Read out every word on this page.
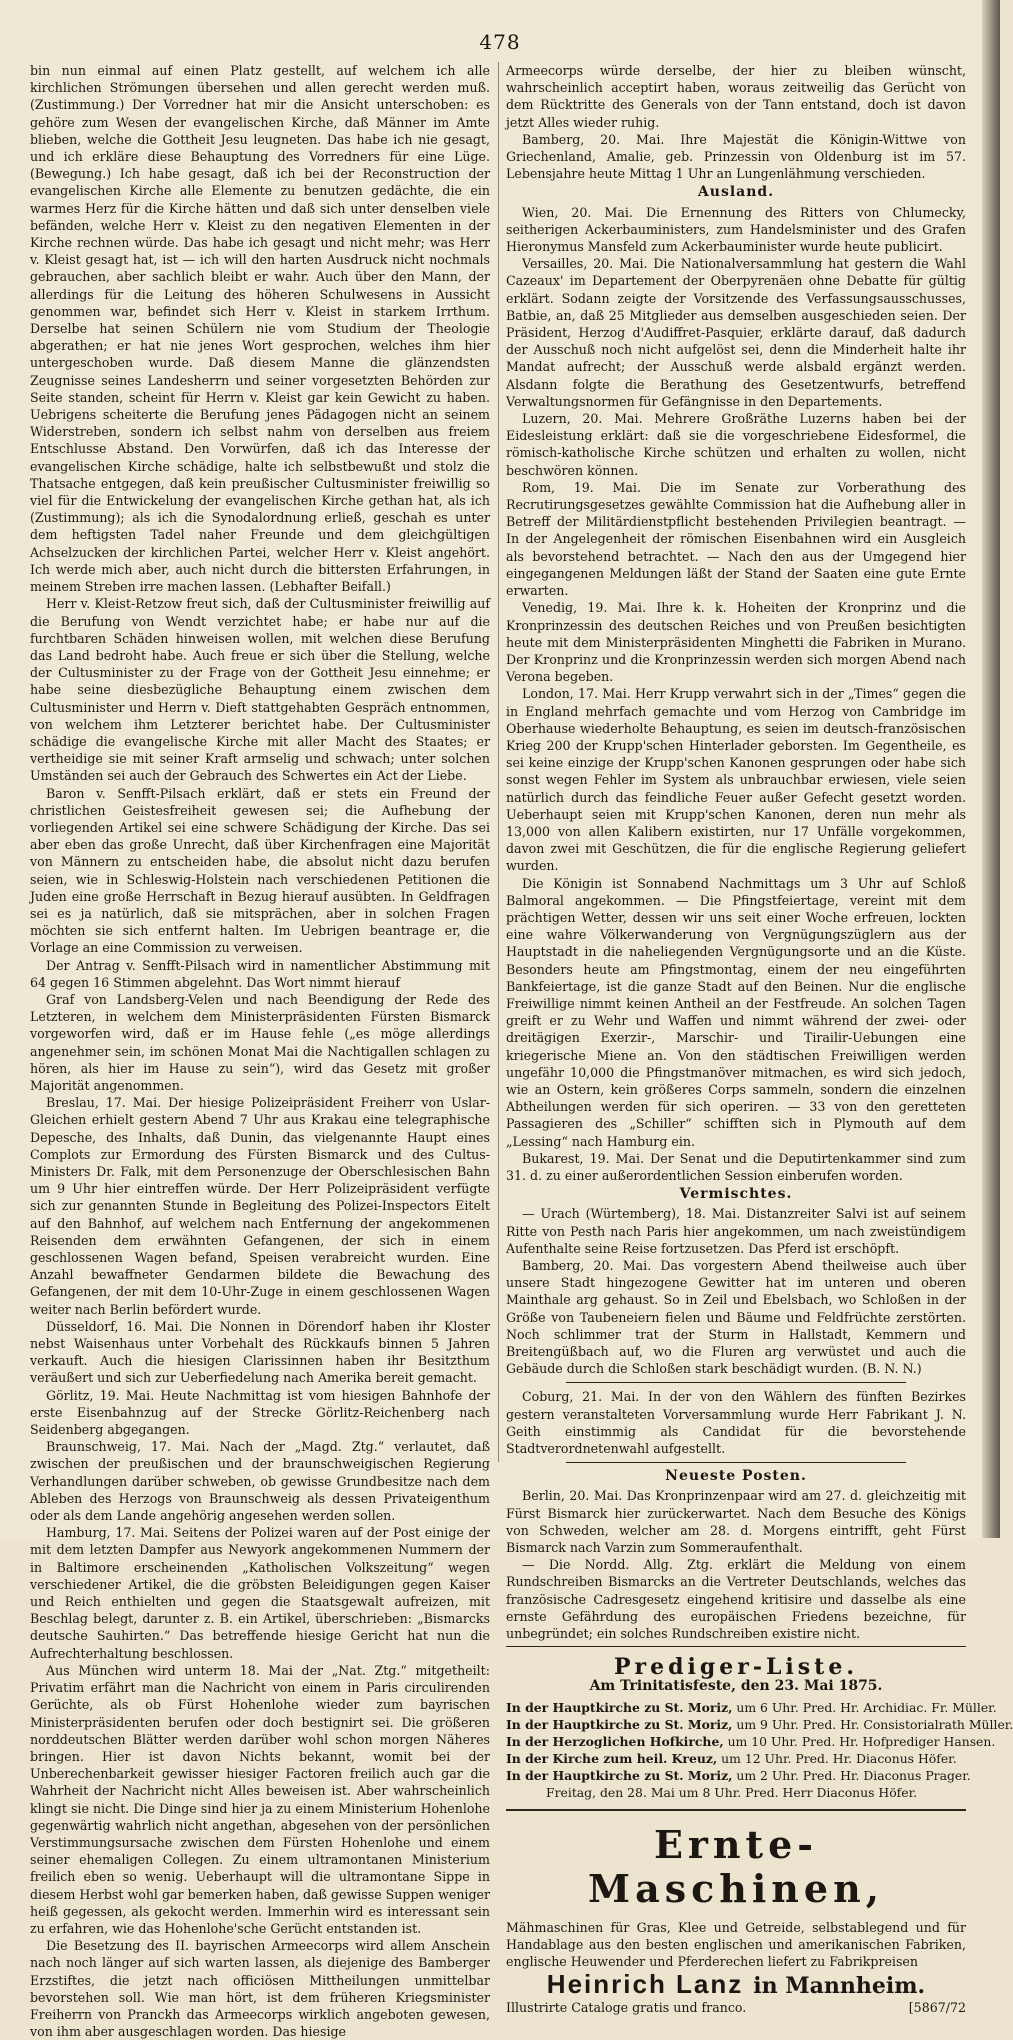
478

bin nun einmal auf einen Platz gestellt, auf welchem ich alle kirchlichen Strömungen übersehen und allen gerecht werden muß. (Zustimmung.) Der Vorredner hat mir die Ansicht unterschoben: es gehöre zum Wesen der evangelischen Kirche, daß Männer im Amte blieben, welche die Gottheit Jesu leugneten. Das habe ich nie gesagt, und ich erkläre diese Behauptung des Vorredners für eine Lüge. (Bewegung.) Ich habe gesagt, daß ich bei der Reconstruction der evangelischen Kirche alle Elemente zu benutzen gedächte, die ein warmes Herz für die Kirche hätten und daß sich unter denselben viele befänden, welche Herr v. Kleist zu den negativen Elementen in der Kirche rechnen würde. Das habe ich gesagt und nicht mehr; was Herr v. Kleist gesagt hat, ist — ich will den harten Ausdruck nicht nochmals gebrauchen, aber sachlich bleibt er wahr. Auch über den Mann, der allerdings für die Leitung des höheren Schulwesens in Aussicht genommen war, befindet sich Herr v. Kleist in starkem Irrthum. Derselbe hat seinen Schülern nie vom Studium der Theologie abgerathen; er hat nie jenes Wort gesprochen, welches ihm hier untergeschoben wurde. Daß diesem Manne die glänzendsten Zeugnisse seines Landesherrn und seiner vorgesetzten Behörden zur Seite standen, scheint für Herrn v. Kleist gar kein Gewicht zu haben. Uebrigens scheiterte die Berufung jenes Pädagogen nicht an seinem Widerstreben, sondern ich selbst nahm von derselben aus freiem Entschlusse Abstand. Den Vorwürfen, daß ich das Interesse der evangelischen Kirche schädige, halte ich selbstbewußt und stolz die Thatsache entgegen, daß kein preußischer Cultusminister freiwillig so viel für die Entwickelung der evangelischen Kirche gethan hat, als ich (Zustimmung); als ich die Synodalordnung erließ, geschah es unter dem heftigsten Tadel naher Freunde und dem gleichgültigen Achselzucken der kirchlichen Partei, welcher Herr v. Kleist angehört. Ich werde mich aber, auch nicht durch die bittersten Erfahrungen, in meinem Streben irre machen lassen. (Lebhafter Beifall.)

Herr v. Kleist-Retzow freut sich, daß der Cultusminister freiwillig auf die Berufung von Wendt verzichtet habe; er habe nur auf die furchtbaren Schäden hinweisen wollen, mit welchen diese Berufung das Land bedroht habe. Auch freue er sich über die Stellung, welche der Cultusminister zu der Frage von der Gottheit Jesu einnehme; er habe seine diesbezügliche Behauptung einem zwischen dem Cultusminister und Herrn v. Dieft stattgehabten Gespräch entnommen, von welchem ihm Letzterer berichtet habe. Der Cultusminister schädige die evangelische Kirche mit aller Macht des Staates; er vertheidige sie mit seiner Kraft armselig und schwach; unter solchen Umständen sei auch der Gebrauch des Schwertes ein Act der Liebe.

Baron v. Senfft-Pilsach erklärt, daß er stets ein Freund der christlichen Geistesfreiheit gewesen sei; die Aufhebung der vorliegenden Artikel sei eine schwere Schädigung der Kirche. Das sei aber eben das große Unrecht, daß über Kirchenfragen eine Majorität von Männern zu entscheiden habe, die absolut nicht dazu berufen seien, wie in Schleswig-Holstein nach verschiedenen Petitionen die Juden eine große Herrschaft in Bezug hierauf ausübten. In Geldfragen sei es ja natürlich, daß sie mitsprächen, aber in solchen Fragen möchten sie sich entfernt halten. Im Uebrigen beantrage er, die Vorlage an eine Commission zu verweisen.

Der Antrag v. Senfft-Pilsach wird in namentlicher Abstimmung mit 64 gegen 16 Stimmen abgelehnt. Das Wort nimmt hierauf

Graf von Landsberg-Velen und nach Beendigung der Rede des Letzteren, in welchem dem Ministerpräsidenten Fürsten Bismarck vorgeworfen wird, daß er im Hause fehle („es möge allerdings angenehmer sein, im schönen Monat Mai die Nachtigallen schlagen zu hören, als hier im Hause zu sein“), wird das Gesetz mit großer Majorität angenommen.

Breslau, 17. Mai. Der hiesige Polizeipräsident Freiherr von Uslar-Gleichen erhielt gestern Abend 7 Uhr aus Krakau eine telegraphische Depesche, des Inhalts, daß Dunin, das vielgenannte Haupt eines Complots zur Ermordung des Fürsten Bismarck und des Cultus-Ministers Dr. Falk, mit dem Personenzuge der Oberschlesischen Bahn um 9 Uhr hier eintreffen würde. Der Herr Polizeipräsident verfügte sich zur genannten Stunde in Begleitung des Polizei-Inspectors Eitelt auf den Bahnhof, auf welchem nach Entfernung der angekommenen Reisenden dem erwähnten Gefangenen, der sich in einem geschlossenen Wagen befand, Speisen verabreicht wurden. Eine Anzahl bewaffneter Gendarmen bildete die Bewachung des Gefangenen, der mit dem 10-Uhr-Zuge in einem geschlossenen Wagen weiter nach Berlin befördert wurde.

Düsseldorf, 16. Mai. Die Nonnen in Dörendorf haben ihr Kloster nebst Waisenhaus unter Vorbehalt des Rückkaufs binnen 5 Jahren verkauft. Auch die hiesigen Clarissinnen haben ihr Besitzthum veräußert und sich zur Ueberfiedelung nach Amerika bereit gemacht.

Görlitz, 19. Mai. Heute Nachmittag ist vom hiesigen Bahnhofe der erste Eisenbahnzug auf der Strecke Görlitz-Reichenberg nach Seidenberg abgegangen.

Braunschweig, 17. Mai. Nach der „Magd. Ztg.“ verlautet, daß zwischen der preußischen und der braunschweigischen Regierung Verhandlungen darüber schweben, ob gewisse Grundbesitze nach dem Ableben des Herzogs von Braunschweig als dessen Privateigenthum oder als dem Lande angehörig angesehen werden sollen.

Hamburg, 17. Mai. Seitens der Polizei waren auf der Post einige der mit dem letzten Dampfer aus Newyork angekommenen Nummern der in Baltimore erscheinenden „Katholischen Volkszeitung“ wegen verschiedener Artikel, die die gröbsten Beleidigungen gegen Kaiser und Reich enthielten und gegen die Staatsgewalt aufreizen, mit Beschlag belegt, darunter z. B. ein Artikel, überschrieben: „Bismarcks deutsche Sauhirten.“ Das betreffende hiesige Gericht hat nun die Aufrechterhaltung beschlossen.

Aus München wird unterm 18. Mai der „Nat. Ztg.“ mitgetheilt: Privatim erfährt man die Nachricht von einem in Paris circulirenden Gerüchte, als ob Fürst Hohenlohe wieder zum bayrischen Ministerpräsidenten berufen oder doch bestignirt sei. Die größeren norddeutschen Blätter werden darüber wohl schon morgen Näheres bringen. Hier ist davon Nichts bekannt, womit bei der Unberechenbarkeit gewisser hiesiger Factoren freilich auch gar die Wahrheit der Nachricht nicht Alles beweisen ist. Aber wahrscheinlich klingt sie nicht. Die Dinge sind hier ja zu einem Ministerium Hohenlohe gegenwärtig wahrlich nicht angethan, abgesehen von der persönlichen Verstimmungsursache zwischen dem Fürsten Hohenlohe und einem seiner ehemaligen Collegen. Zu einem ultramontanen Ministerium freilich eben so wenig. Ueberhaupt will die ultramontane Sippe in diesem Herbst wohl gar bemerken haben, daß gewisse Suppen weniger heiß gegessen, als gekocht werden. Immerhin wird es interessant sein zu erfahren, wie das Hohenlohe'sche Gerücht entstanden ist.

Die Besetzung des II. bayrischen Armeecorps wird allem Anschein nach noch länger auf sich warten lassen, als diejenige des Bamberger Erzstiftes, die jetzt nach officiösen Mittheilungen unmittelbar bevorstehen soll. Wie man hört, ist dem früheren Kriegsminister Freiherrn von Pranckh das Armeecorps wirklich angeboten gewesen, von ihm aber ausgeschlagen worden. Das hiesige

Armeecorps würde derselbe, der hier zu bleiben wünscht, wahrscheinlich acceptirt haben, woraus zeitweilig das Gerücht von dem Rücktritte des Generals von der Tann entstand, doch ist davon jetzt Alles wieder ruhig.

Bamberg, 20. Mai. Ihre Majestät die Königin-Wittwe von Griechenland, Amalie, geb. Prinzessin von Oldenburg ist im 57. Lebensjahre heute Mittag 1 Uhr an Lungenlähmung verschieden.

Ausland.

Wien, 20. Mai. Die Ernennung des Ritters von Chlumecky, seitherigen Ackerbauministers, zum Handelsminister und des Grafen Hieronymus Mansfeld zum Ackerbauminister wurde heute publicirt.

Versailles, 20. Mai. Die Nationalversammlung hat gestern die Wahl Cazeaux' im Departement der Oberpyrenäen ohne Debatte für gültig erklärt. Sodann zeigte der Vorsitzende des Verfassungsausschusses, Batbie, an, daß 25 Mitglieder aus demselben ausgeschieden seien. Der Präsident, Herzog d'Audiffret-Pasquier, erklärte darauf, daß dadurch der Ausschuß noch nicht aufgelöst sei, denn die Minderheit halte ihr Mandat aufrecht; der Ausschuß werde alsbald ergänzt werden. Alsdann folgte die Berathung des Gesetzentwurfs, betreffend Verwaltungsnormen für Gefängnisse in den Departements.

Luzern, 20. Mai. Mehrere Großräthe Luzerns haben bei der Eidesleistung erklärt: daß sie die vorgeschriebene Eidesformel, die römisch-katholische Kirche schützen und erhalten zu wollen, nicht beschwören können.

Rom, 19. Mai. Die im Senate zur Vorberathung des Recrutirungsgesetzes gewählte Commission hat die Aufhebung aller in Betreff der Militärdienstpflicht bestehenden Privilegien beantragt. — In der Angelegenheit der römischen Eisenbahnen wird ein Ausgleich als bevorstehend betrachtet. — Nach den aus der Umgegend hier eingegangenen Meldungen läßt der Stand der Saaten eine gute Ernte erwarten.

Venedig, 19. Mai. Ihre k. k. Hoheiten der Kronprinz und die Kronprinzessin des deutschen Reiches und von Preußen besichtigten heute mit dem Ministerpräsidenten Minghetti die Fabriken in Murano. Der Kronprinz und die Kronprinzessin werden sich morgen Abend nach Verona begeben.

London, 17. Mai. Herr Krupp verwahrt sich in der „Times“ gegen die in England mehrfach gemachte und vom Herzog von Cambridge im Oberhause wiederholte Behauptung, es seien im deutsch-französischen Krieg 200 der Krupp'schen Hinterlader geborsten. Im Gegentheile, es sei keine einzige der Krupp'schen Kanonen gesprungen oder habe sich sonst wegen Fehler im System als unbrauchbar erwiesen, viele seien natürlich durch das feindliche Feuer außer Gefecht gesetzt worden. Ueberhaupt seien mit Krupp'schen Kanonen, deren nun mehr als 13,000 von allen Kalibern existirten, nur 17 Unfälle vorgekommen, davon zwei mit Geschützen, die für die englische Regierung geliefert wurden.

Die Königin ist Sonnabend Nachmittags um 3 Uhr auf Schloß Balmoral angekommen. — Die Pfingstfeiertage, vereint mit dem prächtigen Wetter, dessen wir uns seit einer Woche erfreuen, lockten eine wahre Völkerwanderung von Vergnügungszüglern aus der Hauptstadt in die naheliegenden Vergnügungsorte und an die Küste. Besonders heute am Pfingstmontag, einem der neu eingeführten Bankfeiertage, ist die ganze Stadt auf den Beinen. Nur die englische Freiwillige nimmt keinen Antheil an der Festfreude. An solchen Tagen greift er zu Wehr und Waffen und nimmt während der zwei- oder dreitägigen Exerzir-, Marschir- und Tirailir-Uebungen eine kriegerische Miene an. Von den städtischen Freiwilligen werden ungefähr 10,000 die Pfingstmanöver mitmachen, es wird sich jedoch, wie an Ostern, kein größeres Corps sammeln, sondern die einzelnen Abtheilungen werden für sich operiren. — 33 von den geretteten Passagieren des „Schiller“ schifften sich in Plymouth auf dem „Lessing“ nach Hamburg ein.

Bukarest, 19. Mai. Der Senat und die Deputirtenkammer sind zum 31. d. zu einer außerordentlichen Session einberufen worden.

Vermischtes.

— Urach (Würtemberg), 18. Mai. Distanzreiter Salvi ist auf seinem Ritte von Pesth nach Paris hier angekommen, um nach zweistündigem Aufenthalte seine Reise fortzusetzen. Das Pferd ist erschöpft.

Bamberg, 20. Mai. Das vorgestern Abend theilweise auch über unsere Stadt hingezogene Gewitter hat im unteren und oberen Mainthale arg gehaust. So in Zeil und Ebelsbach, wo Schloßen in der Größe von Taubeneiern fielen und Bäume und Feldfrüchte zerstörten. Noch schlimmer trat der Sturm in Hallstadt, Kemmern und Breitengüßbach auf, wo die Fluren arg verwüstet und auch die Gebäude durch die Schloßen stark beschädigt wurden. (B. N. N.)

Coburg, 21. Mai. In der von den Wählern des fünften Bezirkes gestern veranstalteten Vorversammlung wurde Herr Fabrikant J. N. Geith einstimmig als Candidat für die bevorstehende Stadtverordnetenwahl aufgestellt.

Neueste Posten.

Berlin, 20. Mai. Das Kronprinzenpaar wird am 27. d. gleichzeitig mit Fürst Bismarck hier zurückerwartet. Nach dem Besuche des Königs von Schweden, welcher am 28. d. Morgens eintrifft, geht Fürst Bismarck nach Varzin zum Sommeraufenthalt.

— Die Nordd. Allg. Ztg. erklärt die Meldung von einem Rundschreiben Bismarcks an die Vertreter Deutschlands, welches das französische Cadresgesetz eingehend kritisire und dasselbe als eine ernste Gefährdung des europäischen Friedens bezeichne, für unbegründet; ein solches Rundschreiben existire nicht.

Prediger-Liste.
Am Trinitatisfeste, den 23. Mai 1875.
In der Hauptkirche zu St. Moriz, um 6 Uhr. Pred. Hr. Archidiac. Fr. Müller.
In der Hauptkirche zu St. Moriz, um 9 Uhr. Pred. Hr. Consistorialrath Müller.
In der Herzoglichen Hofkirche, um 10 Uhr. Pred. Hr. Hofprediger Hansen.
In der Kirche zum heil. Kreuz, um 12 Uhr. Pred. Hr. Diaconus Höfer.
In der Hauptkirche zu St. Moriz, um 2 Uhr. Pred. Hr. Diaconus Prager.
Freitag, den 28. Mai um 8 Uhr. Pred. Herr Diaconus Höfer.
Ernte-Maschinen,
Mähmaschinen für Gras, Klee und Getreide, selbstablegend und für Handablage aus den besten englischen und amerikanischen Fabriken, englische Heuwender und Pferderechen liefert zu Fabrikpreisen
Heinrich Lanz in Mannheim.
Illustrirte Cataloge gratis und franco.	[5867/72
